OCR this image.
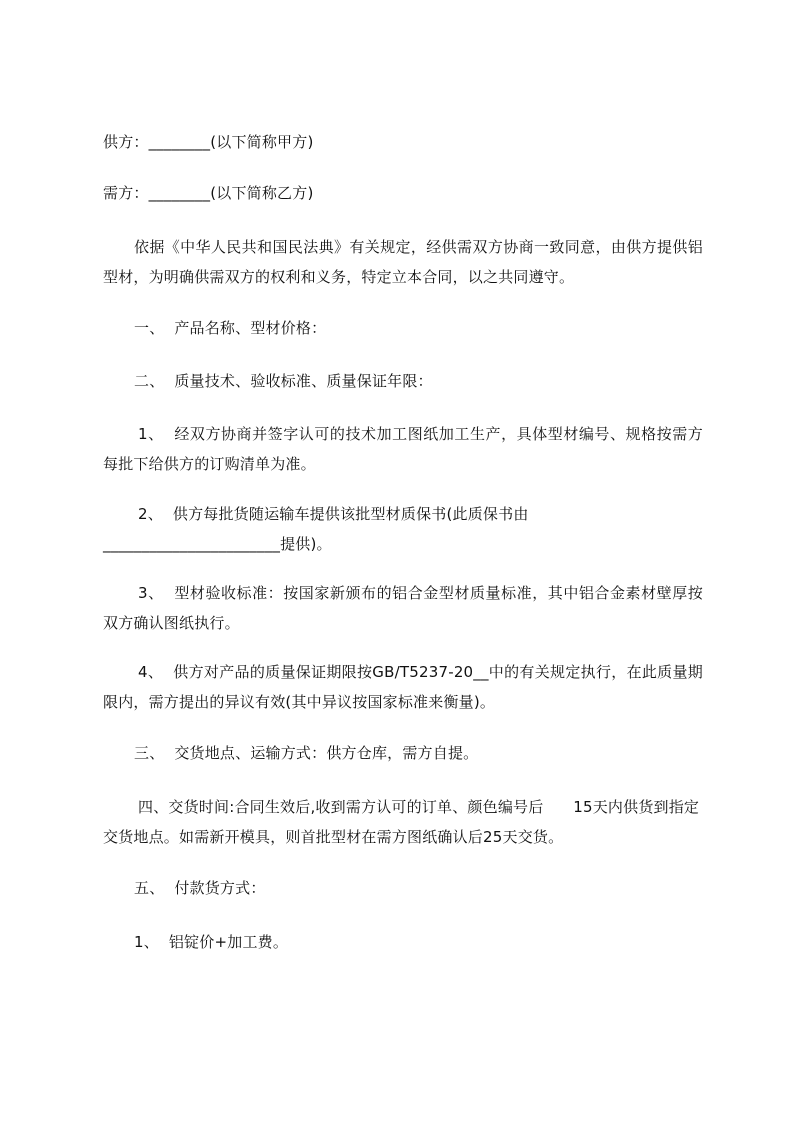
供方：________(以下简称甲方)

需方：________(以下简称乙方)

依据《中华人民共和国民法典》有关规定，经供需双方协商一致同意，由供方提供铝型材，为明确供需双方的权利和义务，特定立本合同，以之共同遵守。

一、  产品名称、型材价格：

二、  质量技术、验收标准、质量保证年限：

1、  经双方协商并签字认可的技术加工图纸加工生产，具体型材编号、规格按需方每批下给供方的订购清单为准。

2、  供方每批货随运输车提供该批型材质保书(此质保书由_______________________提供)。

3、  型材验收标准：按国家新颁布的铝合金型材质量标准，其中铝合金素材壁厚按双方确认图纸执行。

4、  供方对产品的质量保证期限按GB/T5237-20__中的有关规定执行，在此质量期限内，需方提出的异议有效(其中异议按国家标准来衡量)。

三、  交货地点、运输方式：供方仓库，需方自提。

四、交货时间:合同生效后,收到需方认可的订单、颜色编号后      15天内供货到指定交货地点。如需新开模具，则首批型材在需方图纸确认后25天交货。

五、  付款货方式：

1、  铝锭价+加工费。
